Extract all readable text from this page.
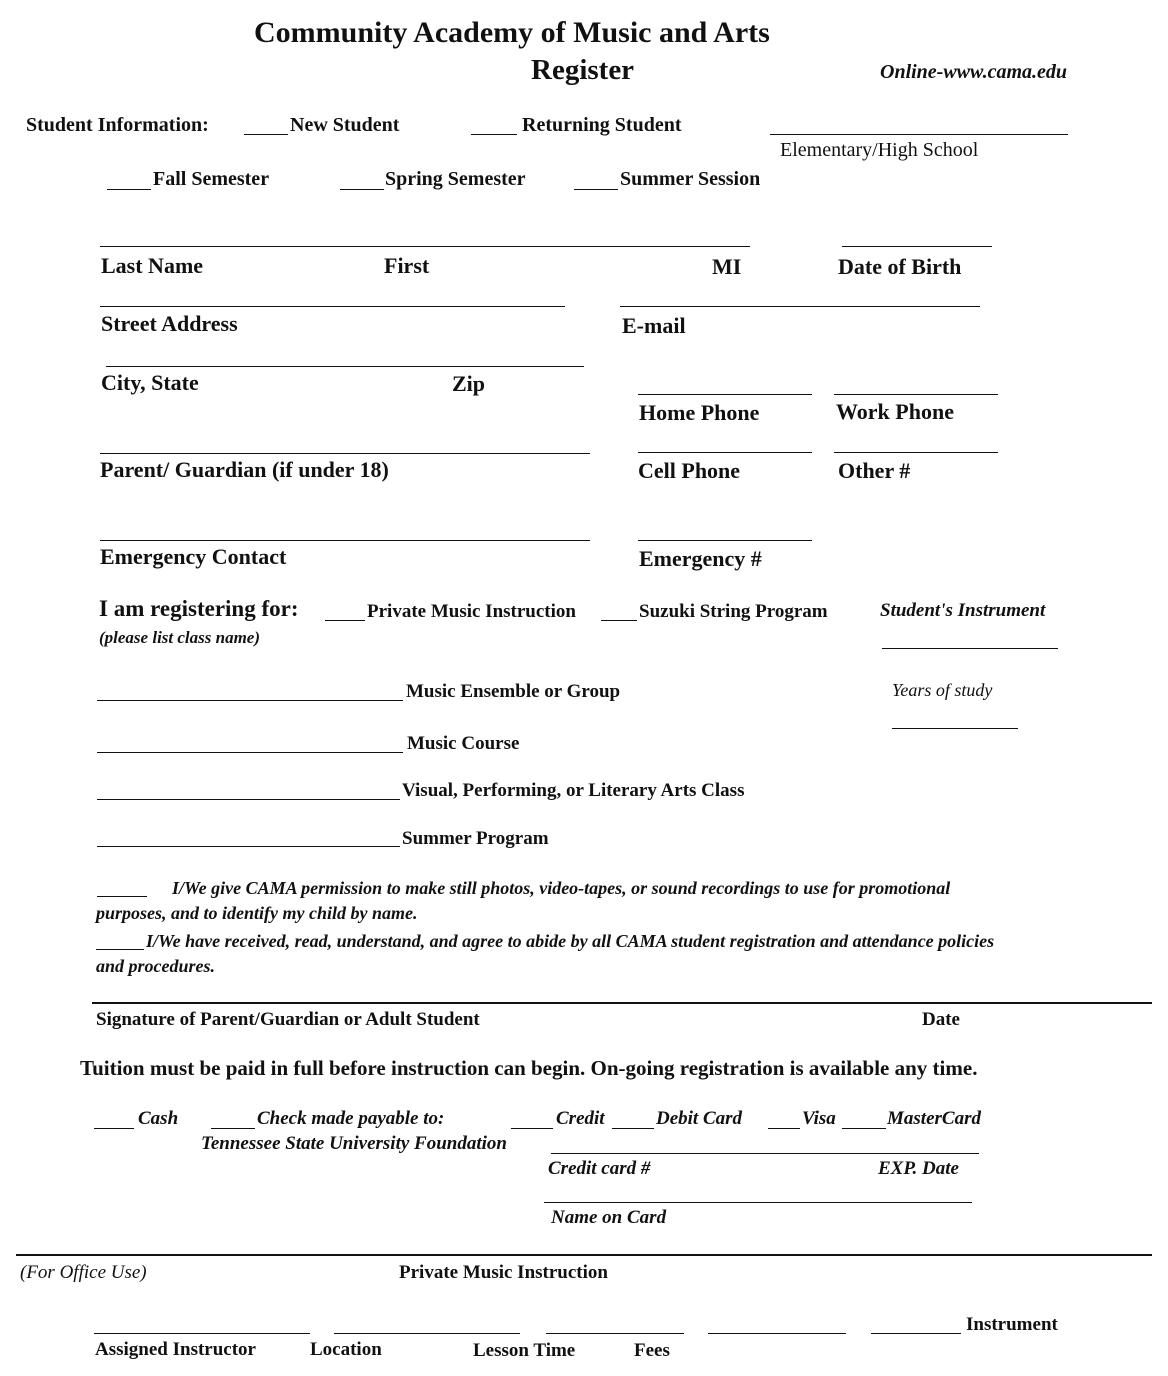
Community Academy of Music and Arts
Register	Online-www.cama.edu
Student Information:	New Student	Returning Student
Elementary/High School
Fall Semester	Spring Semester	Summer Session
Last Name	First	MI	Date of Birth
Street Address	E-mail
City, State	Zip
Home Phone	Work Phone
Parent/ Guardian (if under 18)	Cell Phone	Other #
Emergency Contact	Emergency #
I am registering for:	Private Music Instruction	Suzuki String Program	Student's Instrument
(please list class name)
Music Ensemble or Group	Years of study
Music Course
Visual, Performing, or Literary Arts Class
Summer Program
I/We give CAMA permission to make still photos, video-tapes, or sound recordings to use for promotional
purposes, and to identify my child by name.
I/We have received, read, understand, and agree to abide by all CAMA student registration and attendance policies
and procedures.
Signature of Parent/Guardian or Adult Student	Date
Tuition must be paid in full before instruction can begin. On-going registration is available any time.
Cash	Check made payable to:
Tennessee State University Foundation
Credit	Debit Card	Visa	MasterCard
Credit card #	EXP. Date
Name on Card
(For Office Use)	Private Music Instruction
Instrument
Assigned Instructor	Location	Lesson Time	Fees
